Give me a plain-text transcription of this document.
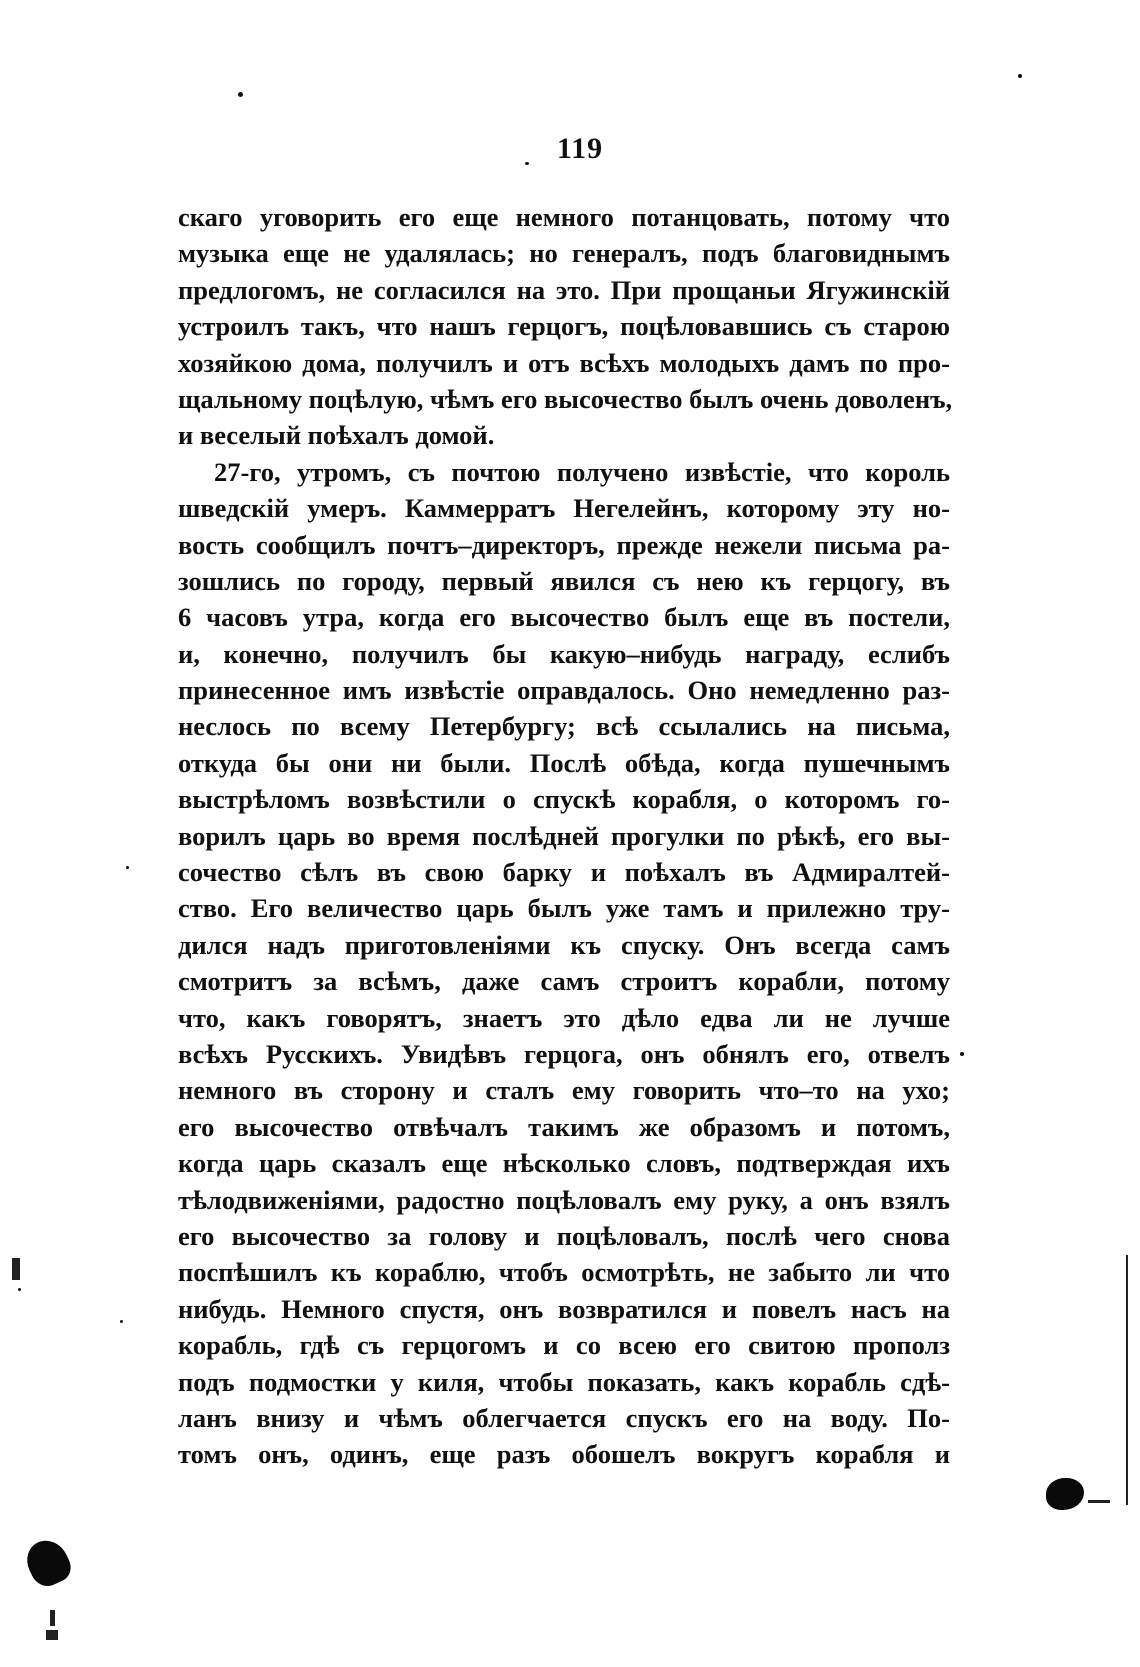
119
скаго уговорить его еще немного потанцовать, потому что
музыка еще не удалялась; но генералъ, подъ благовиднымъ
предлогомъ, не согласился на это. При прощаньи Ягужинскій
устроилъ такъ, что нашъ герцогъ, поцѣловавшись съ старою
хозяйкою дома, получилъ и отъ всѣхъ молодыхъ дамъ по про-
щальному поцѣлую, чѣмъ его высочество былъ очень доволенъ,
и веселый поѣхалъ домой.
27-го, утромъ, съ почтою получено извѣстіе, что король
шведскій умеръ. Каммерратъ Негелейнъ, которому эту но-
вость сообщилъ почтъ–директоръ, прежде нежели письма ра-
зошлись по городу, первый явился съ нею къ герцогу, въ
6 часовъ утра, когда его высочество былъ еще въ постели,
и, конечно, получилъ бы какую–нибудь награду, еслибъ
принесенное имъ извѣстіе оправдалось. Оно немедленно раз-
неслось по всему Петербургу; всѣ ссылались на письма,
откуда бы они ни были. Послѣ обѣда, когда пушечнымъ
выстрѣломъ возвѣстили о спускѣ корабля, о которомъ го-
ворилъ царь во время послѣдней прогулки по рѣкѣ, его вы-
сочество сѣлъ въ свою барку и поѣхалъ въ Адмиралтей-
ство. Его величество царь былъ уже тамъ и прилежно тру-
дился надъ приготовленіями къ спуску. Онъ всегда самъ
смотритъ за всѣмъ, даже самъ строитъ корабли, потому
что, какъ говорятъ, знаетъ это дѣло едва ли не лучше
всѣхъ Русскихъ. Увидѣвъ герцога, онъ обнялъ его, отвелъ
немного въ сторону и сталъ ему говорить что–то на ухо;
его высочество отвѣчалъ такимъ же образомъ и потомъ,
когда царь сказалъ еще нѣсколько словъ, подтверждая ихъ
тѣлодвиженіями, радостно поцѣловалъ ему руку, а онъ взялъ
его высочество за голову и поцѣловалъ, послѣ чего снова
поспѣшилъ къ кораблю, чтобъ осмотрѣть, не забыто ли что
нибудь. Немного спустя, онъ возвратился и повелъ насъ на
корабль, гдѣ съ герцогомъ и со всею его свитою прополз
подъ подмостки у киля, чтобы показать, какъ корабль сдѣ-
ланъ внизу и чѣмъ облегчается спускъ его на воду. По-
томъ онъ, одинъ, еще разъ обошелъ вокругъ корабля и
